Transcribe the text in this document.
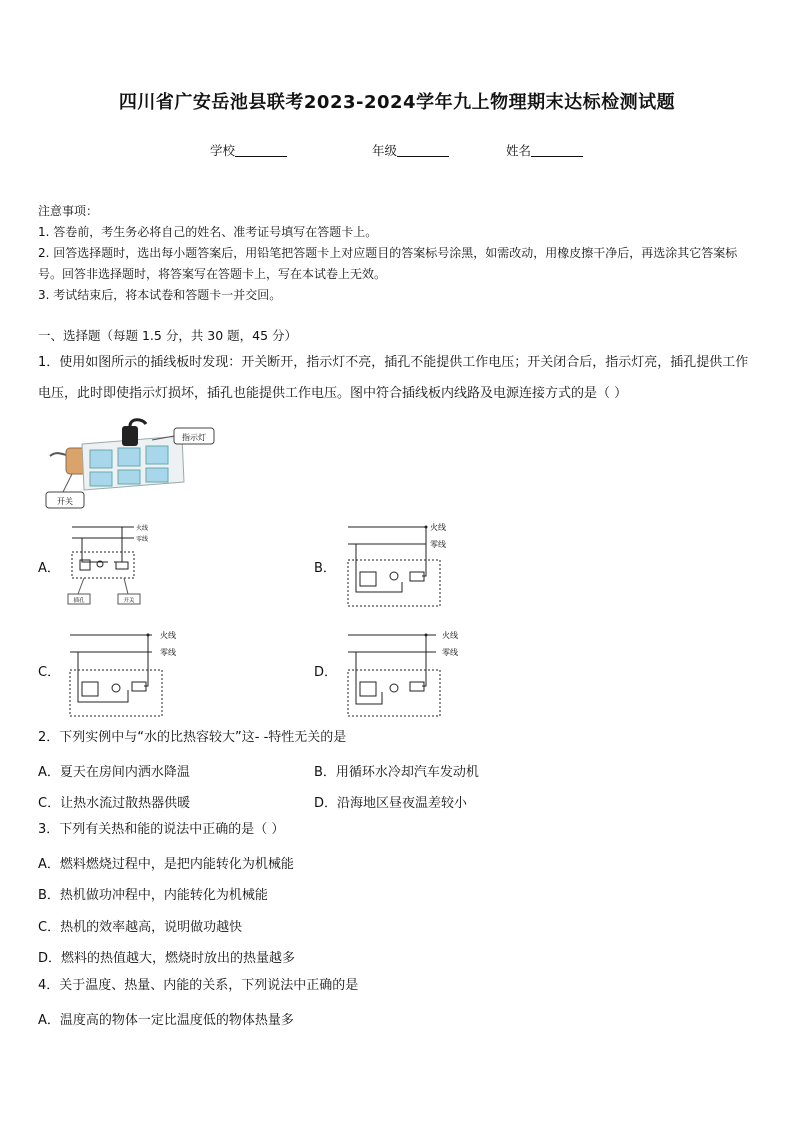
四川省广安岳池县联考2023-2024学年九上物理期末达标检测试题
学校	年级	姓名
注意事项：
1. 答卷前，考生务必将自己的姓名、准考证号填写在答题卡上。
2. 回答选择题时，选出每小题答案后，用铅笔把答题卡上对应题目的答案标号涂黑，如需改动，用橡皮擦干净后，再选涂其它答案标号。回答非选择题时，将答案写在答题卡上，写在本试卷上无效。
3. 考试结束后，将本试卷和答题卡一并交回。
一、选择题（每题 1.5 分，共 30 题，45 分）
1．使用如图所示的插线板时发现：开关断开，指示灯不亮，插孔不能提供工作电压；开关闭合后，指示灯亮，插孔提供工作电压，此时即使指示灯损坏，插孔也能提供工作电压。图中符合插线板内线路及电源连接方式的是（ ）
指示灯
开关
A．	B．
C．	D．
火线
零线
插孔	开关
火线
零线
火线
零线
火线
零线
2．下列实例中与“水的比热容较大”这- -特性无关的是
A．夏天在房间内洒水降温	B．用循环水冷却汽车发动机
C．让热水流过散热器供暖	D．沿海地区昼夜温差较小
3．下列有关热和能的说法中正确的是（ ）
A．燃料燃烧过程中，是把内能转化为机械能
B．热机做功冲程中，内能转化为机械能
C．热机的效率越高，说明做功越快
D．燃料的热值越大，燃烧时放出的热量越多
4．关于温度、热量、内能的关系，下列说法中正确的是
A．温度高的物体一定比温度低的物体热量多
